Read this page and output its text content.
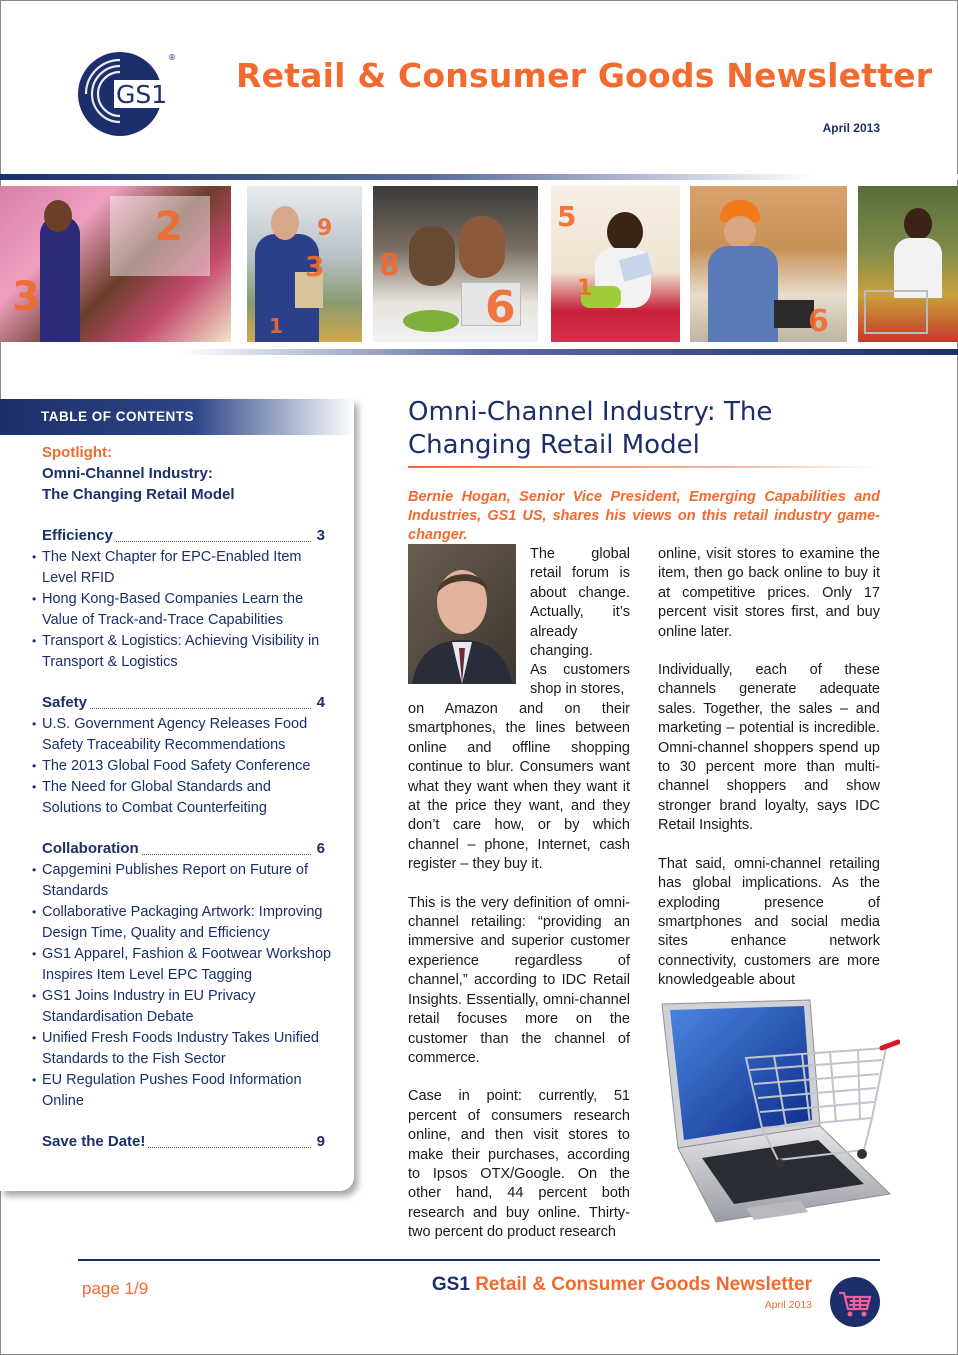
GS1
® Retail & Consumer Goods Newsletter
April 2013
3
2	9
3
1
8
6
5
1
6
TABLE OF CONTENTS
Spotlight:
Omni-Channel Industry:
The Changing Retail Model
Efficiency	3
• The Next Chapter for EPC-Enabled Item Level RFID
• Hong Kong-Based Companies Learn the Value of Track-and-Trace Capabilities
• Transport & Logistics: Achieving Visibility in Transport & Logistics
Safety	4
• U.S. Government Agency Releases Food Safety Traceability Recommendations
• The 2013 Global Food Safety Conference
• The Need for Global Standards and Solutions to Combat Counterfeiting
Collaboration	6
• Capgemini Publishes Report on Future of Standards
• Collaborative Packaging Artwork: Improving Design Time, Quality and Efficiency
• GS1 Apparel, Fashion & Footwear Workshop Inspires Item Level EPC Tagging
• GS1 Joins Industry in EU Privacy Standardisation Debate
• Unified Fresh Foods Industry Takes Unified Standards to the Fish Sector
• EU Regulation Pushes Food Information Online
Save the Date!	9
Omni-Channel Industry: The Changing Retail Model
Bernie Hogan, Senior Vice President, Emerging Capabilities and Industries, GS1 US, shares his views on this retail industry game-changer.
The global retail forum is about change. Actually, it’s already changing.
As customers shop in stores,

on Amazon and on their smartphones, the lines between online and offline shopping continue to blur. Consumers want what they want when they want it at the price they want, and they don’t care how, or by which channel – phone, Internet, cash register – they buy it.

This is the very definition of omni-channel retailing: “providing an immersive and superior customer experience regardless of channel,” according to IDC Retail Insights. Essentially, omni-channel retail focuses more on the customer than the channel of commerce.

Case in point: currently, 51 percent of consumers research online, and then visit stores to make their purchases, according to Ipsos OTX/Google. On the other hand, 44 percent both research and buy online. Thirty-two percent do product research

online, visit stores to examine the item, then go back online to buy it at competitive prices. Only 17 percent visit stores first, and buy online later.

Individually, each of these channels generate adequate sales. Together, the sales – and marketing – potential is incredible. Omni-channel shoppers spend up to 30 percent more than multi-channel shoppers and show stronger brand loyalty, says IDC Retail Insights.

That said, omni-channel retailing has global implications. As the exploding presence of smartphones and social media sites enhance network connectivity, customers are more knowledgeable about

page 1/9	GS1 Retail & Consumer Goods Newsletter
April 2013
